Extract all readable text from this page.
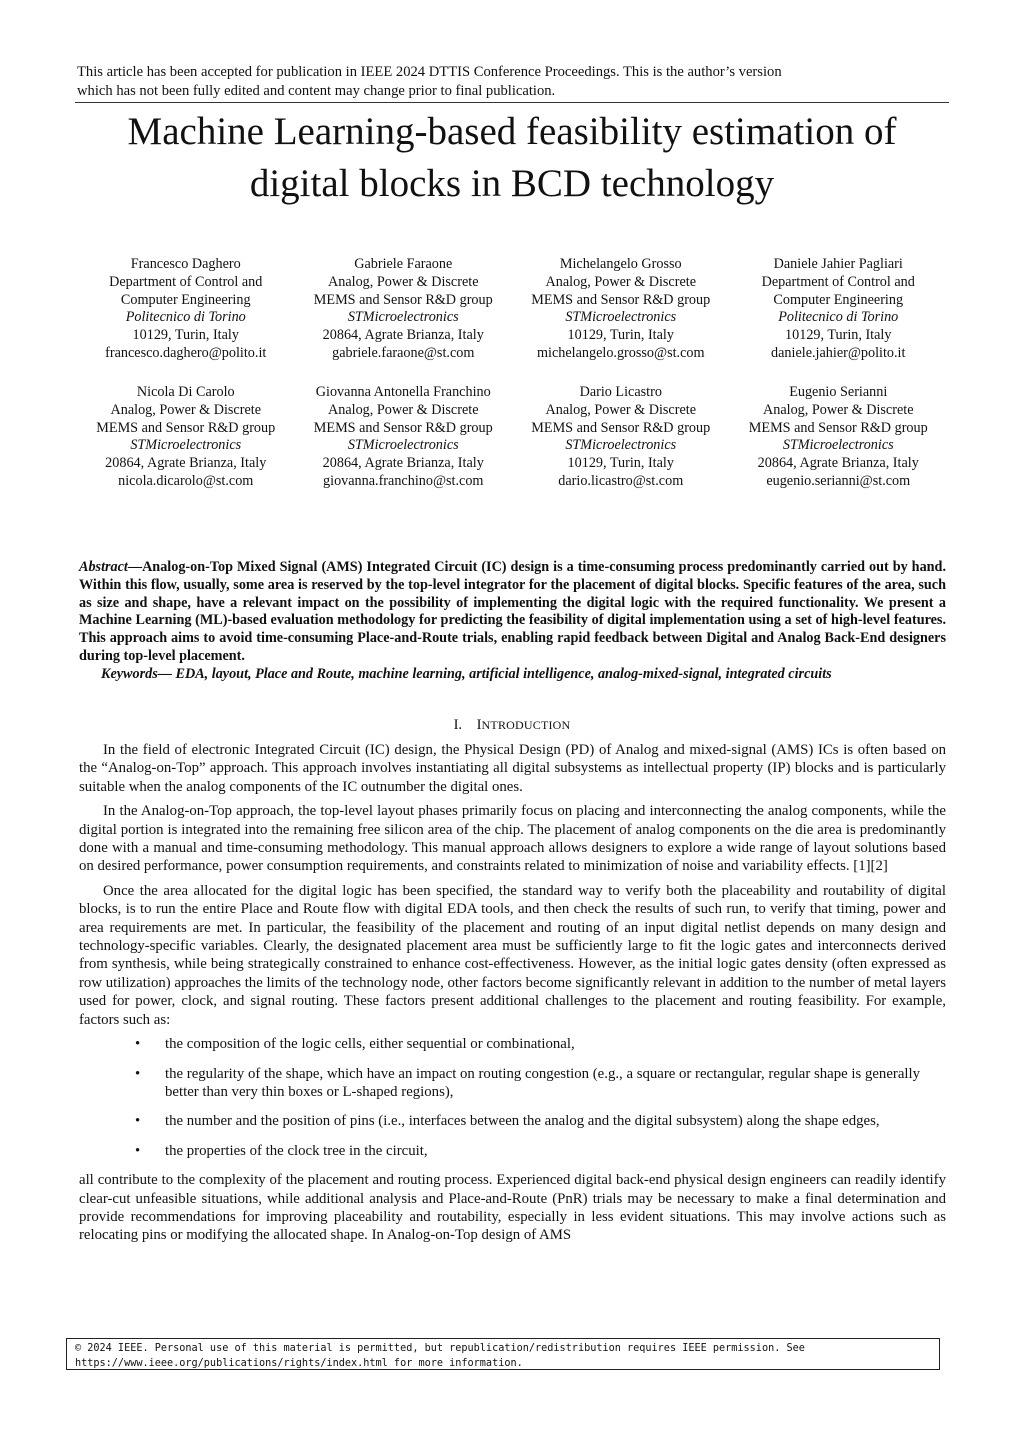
This article has been accepted for publication in IEEE 2024 DTTIS Conference Proceedings. This is the author’s version
which has not been fully edited and content may change prior to final publication.
Machine Learning-based feasibility estimation of
digital blocks in BCD technology
Francesco Daghero
Department of Control and
Computer Engineering
Politecnico di Torino
10129, Turin, Italy
francesco.daghero@polito.it
Gabriele Faraone
Analog, Power & Discrete
MEMS and Sensor R&D group
STMicroelectronics
20864, Agrate Brianza, Italy
gabriele.faraone@st.com
Michelangelo Grosso
Analog, Power & Discrete
MEMS and Sensor R&D group
STMicroelectronics
10129, Turin, Italy
michelangelo.grosso@st.com
Daniele Jahier Pagliari
Department of Control and
Computer Engineering
Politecnico di Torino
10129, Turin, Italy
daniele.jahier@polito.it
Nicola Di Carolo
Analog, Power & Discrete
MEMS and Sensor R&D group
STMicroelectronics
20864, Agrate Brianza, Italy
nicola.dicarolo@st.com
Giovanna Antonella Franchino
Analog, Power & Discrete
MEMS and Sensor R&D group
STMicroelectronics
20864, Agrate Brianza, Italy
giovanna.franchino@st.com
Dario Licastro
Analog, Power & Discrete
MEMS and Sensor R&D group
STMicroelectronics
10129, Turin, Italy
dario.licastro@st.com
Eugenio Serianni
Analog, Power & Discrete
MEMS and Sensor R&D group
STMicroelectronics
20864, Agrate Brianza, Italy
eugenio.serianni@st.com
Abstract—Analog-on-Top Mixed Signal (AMS) Integrated Circuit (IC) design is a time-consuming process predominantly carried out by hand. Within this flow, usually, some area is reserved by the top-level integrator for the placement of digital blocks. Specific features of the area, such as size and shape, have a relevant impact on the possibility of implementing the digital logic with the required functionality. We present a Machine Learning (ML)-based evaluation methodology for predicting the feasibility of digital implementation using a set of high-level features. This approach aims to avoid time-consuming Place-and-Route trials, enabling rapid feedback between Digital and Analog Back-End designers during top-level placement.
Keywords— EDA, layout, Place and Route, machine learning, artificial intelligence, analog-mixed-signal, integrated circuits
I. INTRODUCTION

In the field of electronic Integrated Circuit (IC) design, the Physical Design (PD) of Analog and mixed-signal (AMS) ICs is often based on the “Analog-on-Top” approach. This approach involves instantiating all digital subsystems as intellectual property (IP) blocks and is particularly suitable when the analog components of the IC outnumber the digital ones.

In the Analog-on-Top approach, the top-level layout phases primarily focus on placing and interconnecting the analog components, while the digital portion is integrated into the remaining free silicon area of the chip. The placement of analog components on the die area is predominantly done with a manual and time-consuming methodology. This manual approach allows designers to explore a wide range of layout solutions based on desired performance, power consumption requirements, and constraints related to minimization of noise and variability effects. [1][2]

Once the area allocated for the digital logic has been specified, the standard way to verify both the placeability and routability of digital blocks, is to run the entire Place and Route flow with digital EDA tools, and then check the results of such run, to verify that timing, power and area requirements are met. In particular, the feasibility of the placement and routing of an input digital netlist depends on many design and technology-specific variables. Clearly, the designated placement area must be sufficiently large to fit the logic gates and interconnects derived from synthesis, while being strategically constrained to enhance cost-effectiveness. However, as the initial logic gates density (often expressed as row utilization) approaches the limits of the technology node, other factors become significantly relevant in addition to the number of metal layers used for power, clock, and signal routing. These factors present additional challenges to the placement and routing feasibility. For example, factors such as:

• the composition of the logic cells, either sequential or combinational,
• the regularity of the shape, which have an impact on routing congestion (e.g., a square or rectangular, regular shape is generally better than very thin boxes or L-shaped regions),
• the number and the position of pins (i.e., interfaces between the analog and the digital subsystem) along the shape edges,
• the properties of the clock tree in the circuit,

all contribute to the complexity of the placement and routing process. Experienced digital back-end physical design engineers can readily identify clear-cut unfeasible situations, while additional analysis and Place-and-Route (PnR) trials may be necessary to make a final determination and provide recommendations for improving placeability and routability, especially in less evident situations. This may involve actions such as relocating pins or modifying the allocated shape. In Analog-on-Top design of AMS

© 2024 IEEE. Personal use of this material is permitted, but republication/redistribution requires IEEE permission. See
https://www.ieee.org/publications/rights/index.html for more information.
